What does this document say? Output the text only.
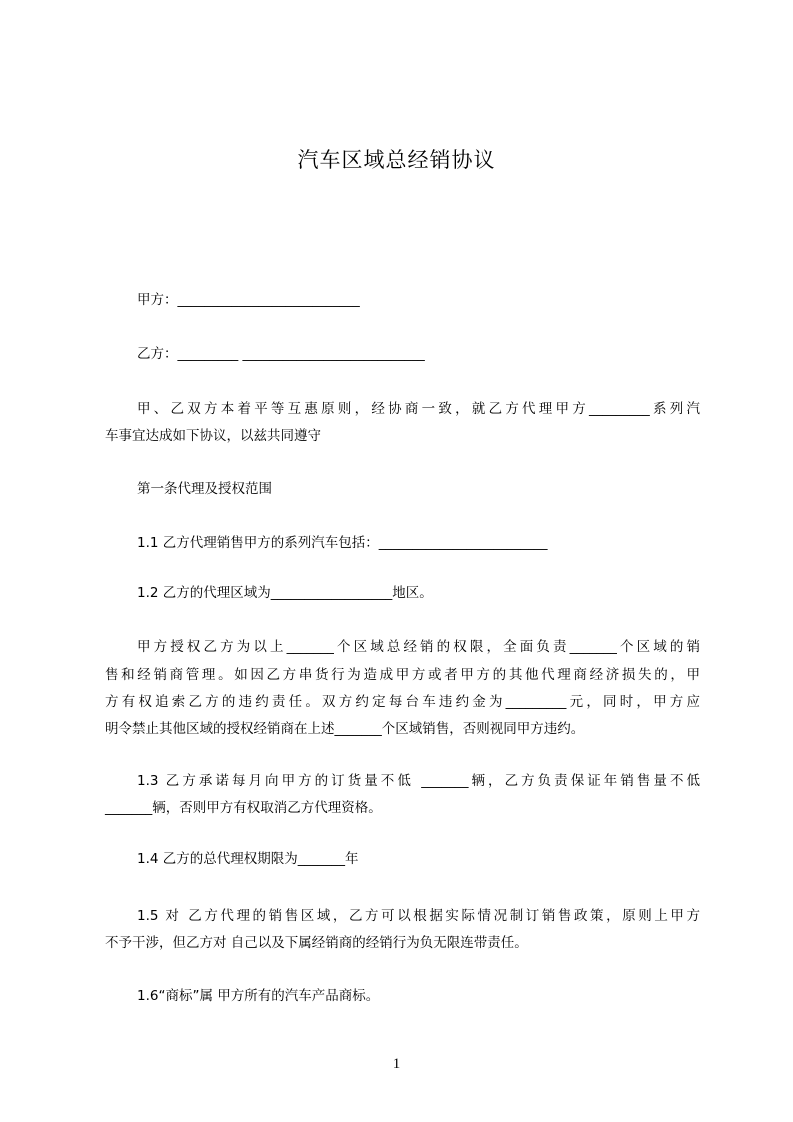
汽车区域总经销协议
甲方：___________________________
乙方：_________ ___________________________
甲、乙双方本着平等互惠原则，经协商一致，就乙方代理甲方_________系列汽
车事宜达成如下协议，以兹共同遵守
第一条代理及授权范围
1.1 乙方代理销售甲方的系列汽车包括：_________________________
1.2 乙方的代理区域为__________________地区。
甲方授权乙方为以上_______个区域总经销的权限，全面负责_______个区域的销
售和经销商管理。如因乙方串货行为造成甲方或者甲方的其他代理商经济损失的，甲
方有权追索乙方的违约责任。双方约定每台车违约金为_________元，同时，甲方应
明令禁止其他区域的授权经销商在上述_______个区域销售，否则视同甲方违约。
1.3 乙方承诺每月向甲方的订货量不低 _______辆，乙方负责保证年销售量不低
_______辆，否则甲方有权取消乙方代理资格。
1.4 乙方的总代理权期限为_______年
1.5 对 乙方代理的销售区域，乙方可以根据实际情况制订销售政策，原则上甲方
不予干涉，但乙方对 自己以及下属经销商的经销行为负无限连带责任。
1.6“商标”属 甲方所有的汽车产品商标。
1
